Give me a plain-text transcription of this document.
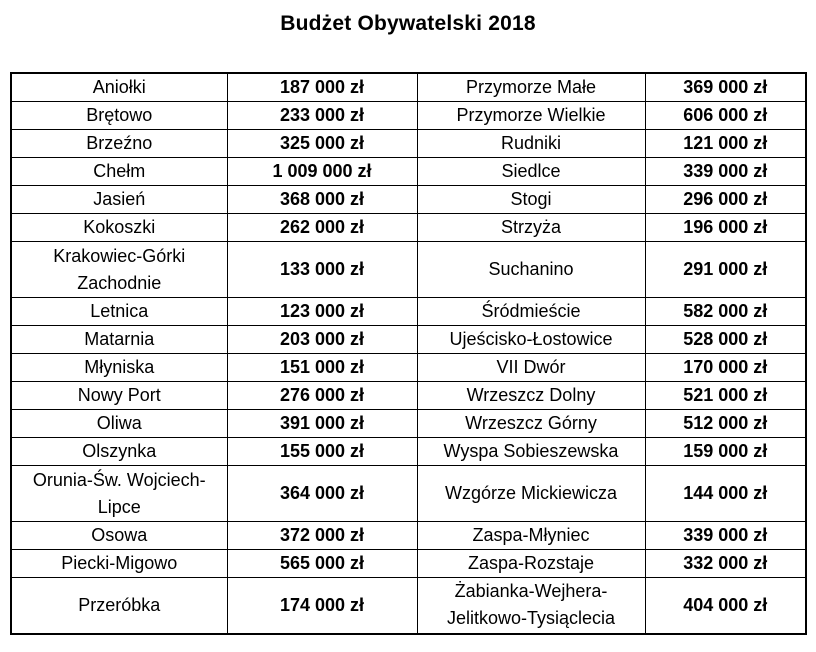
Budżet Obywatelski 2018
Aniołki	187 000 zł	Przymorze Małe	369 000 zł
Brętowo	233 000 zł	Przymorze Wielkie	606 000 zł
Brzeźno	325 000 zł	Rudniki	121 000 zł
Chełm	1 009 000 zł	Siedlce	339 000 zł
Jasień	368 000 zł	Stogi	296 000 zł
Kokoszki	262 000 zł	Strzyża	196 000 zł
Krakowiec-Górki
Zachodnie	133 000 zł	Suchanino	291 000 zł
Letnica	123 000 zł	Śródmieście	582 000 zł
Matarnia	203 000 zł	Ujeścisko-Łostowice	528 000 zł
Młyniska	151 000 zł	VII Dwór	170 000 zł
Nowy Port	276 000 zł	Wrzeszcz Dolny	521 000 zł
Oliwa	391 000 zł	Wrzeszcz Górny	512 000 zł
Olszynka	155 000 zł	Wyspa Sobieszewska	159 000 zł
Orunia-Św. Wojciech-
Lipce	364 000 zł	Wzgórze Mickiewicza	144 000 zł
Osowa	372 000 zł	Zaspa-Młyniec	339 000 zł
Piecki-Migowo	565 000 zł	Zaspa-Rozstaje	332 000 zł
Przeróbka	174 000 zł	Żabianka-Wejhera-
Jelitkowo-Tysiąclecia	404 000 zł
